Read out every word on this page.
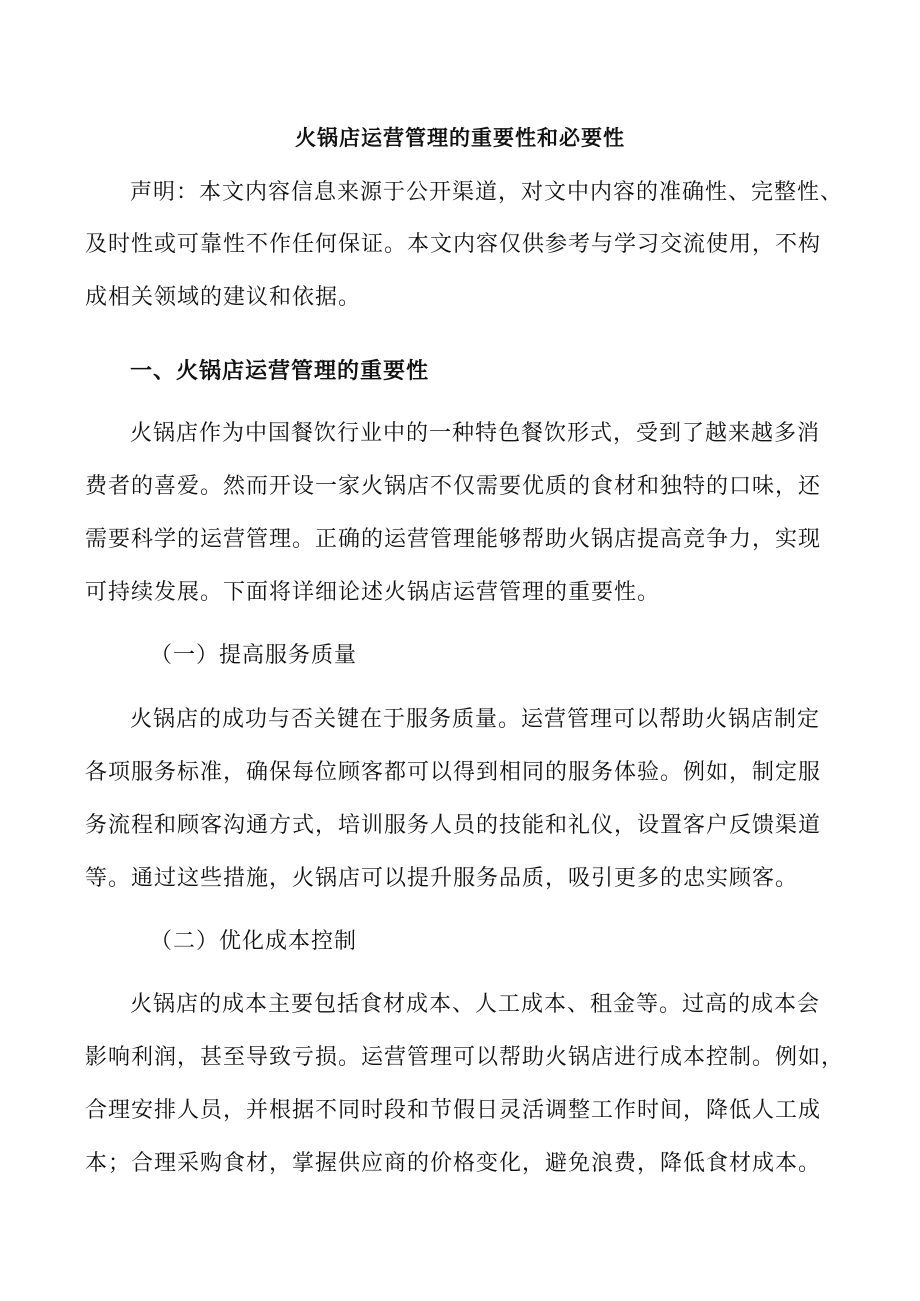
火锅店运营管理的重要性和必要性
声明：本文内容信息来源于公开渠道，对文中内容的准确性、完整性、
及时性或可靠性不作任何保证。本文内容仅供参考与学习交流使用，不构
成相关领域的建议和依据。
一、火锅店运营管理的重要性
火锅店作为中国餐饮行业中的一种特色餐饮形式，受到了越来越多消
费者的喜爱。然而开设一家火锅店不仅需要优质的食材和独特的口味，还
需要科学的运营管理。正确的运营管理能够帮助火锅店提高竞争力，实现
可持续发展。下面将详细论述火锅店运营管理的重要性。
（一）提高服务质量
火锅店的成功与否关键在于服务质量。运营管理可以帮助火锅店制定
各项服务标准，确保每位顾客都可以得到相同的服务体验。例如，制定服
务流程和顾客沟通方式，培训服务人员的技能和礼仪，设置客户反馈渠道
等。通过这些措施，火锅店可以提升服务品质，吸引更多的忠实顾客。
（二）优化成本控制
火锅店的成本主要包括食材成本、人工成本、租金等。过高的成本会
影响利润，甚至导致亏损。运营管理可以帮助火锅店进行成本控制。例如，
合理安排人员，并根据不同时段和节假日灵活调整工作时间，降低人工成
本；合理采购食材，掌握供应商的价格变化，避免浪费，降低食材成本。
